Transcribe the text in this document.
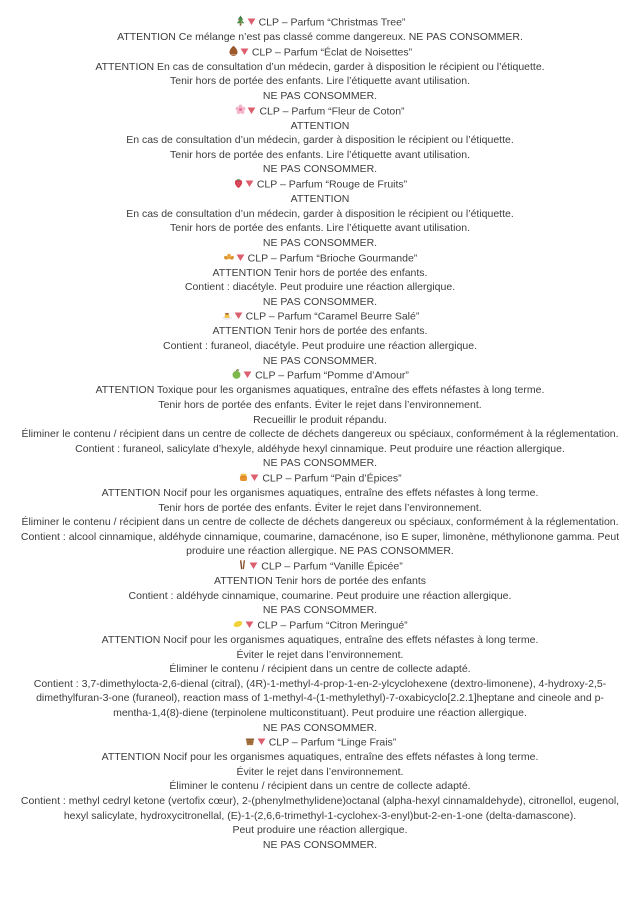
CLP – Parfum “Christmas Tree”
ATTENTION Ce mélange n’est pas classé comme dangereux. NE PAS CONSOMMER.
CLP – Parfum “Éclat de Noisettes”
ATTENTION En cas de consultation d’un médecin, garder à disposition le récipient ou l’étiquette.
Tenir hors de portée des enfants. Lire l’étiquette avant utilisation.
NE PAS CONSOMMER.
CLP – Parfum “Fleur de Coton”
ATTENTION
En cas de consultation d’un médecin, garder à disposition le récipient ou l’étiquette.
Tenir hors de portée des enfants. Lire l’étiquette avant utilisation.
NE PAS CONSOMMER.
CLP – Parfum “Rouge de Fruits”
ATTENTION
En cas de consultation d’un médecin, garder à disposition le récipient ou l’étiquette.
Tenir hors de portée des enfants. Lire l’étiquette avant utilisation.
NE PAS CONSOMMER.
CLP – Parfum “Brioche Gourmande”
ATTENTION Tenir hors de portée des enfants.
Contient : diacétyle. Peut produire une réaction allergique.
NE PAS CONSOMMER.
CLP – Parfum “Caramel Beurre Salé”
ATTENTION Tenir hors de portée des enfants.
Contient : furaneol, diacétyle. Peut produire une réaction allergique.
NE PAS CONSOMMER.
CLP – Parfum “Pomme d’Amour”
ATTENTION Toxique pour les organismes aquatiques, entraîne des effets néfastes à long terme.
Tenir hors de portée des enfants. Éviter le rejet dans l’environnement.
Recueillir le produit répandu.
Éliminer le contenu / récipient dans un centre de collecte de déchets dangereux ou spéciaux, conformément à la réglementation.
Contient : furaneol, salicylate d’hexyle, aldéhyde hexyl cinnamique. Peut produire une réaction allergique.
NE PAS CONSOMMER.
CLP – Parfum “Pain d’Épices”
ATTENTION Nocif pour les organismes aquatiques, entraîne des effets néfastes à long terme.
Tenir hors de portée des enfants. Éviter le rejet dans l’environnement.
Éliminer le contenu / récipient dans un centre de collecte de déchets dangereux ou spéciaux, conformément à la réglementation.
Contient : alcool cinnamique, aldéhyde cinnamique, coumarine, damacénone, iso E super, limonène, méthylionone gamma. Peut produire une réaction allergique. NE PAS CONSOMMER.
CLP – Parfum “Vanille Épicée”
ATTENTION Tenir hors de portée des enfants
Contient : aldéhyde cinnamique, coumarine. Peut produire une réaction allergique.
NE PAS CONSOMMER.
CLP – Parfum “Citron Meringué”
ATTENTION Nocif pour les organismes aquatiques, entraîne des effets néfastes à long terme.
Éviter le rejet dans l’environnement.
Éliminer le contenu / récipient dans un centre de collecte adapté.
Contient : 3,7-dimethylocta-2,6-dienal (citral), (4R)-1-methyl-4-prop-1-en-2-ylcyclohexene (dextro-limonene), 4-hydroxy-2,5-dimethylfuran-3-one (furaneol), reaction mass of 1-methyl-4-(1-methylethyl)-7-oxabicyclo[2.2.1]heptane and cineole and p-mentha-1,4(8)-diene (terpinolene multiconstituant). Peut produire une réaction allergique.
NE PAS CONSOMMER.
CLP – Parfum “Linge Frais”
ATTENTION Nocif pour les organismes aquatiques, entraîne des effets néfastes à long terme.
Éviter le rejet dans l’environnement.
Éliminer le contenu / récipient dans un centre de collecte adapté.
Contient : methyl cedryl ketone (vertofix cœur), 2-(phenylmethylidene)octanal (alpha-hexyl cinnamaldehyde), citronellol, eugenol, hexyl salicylate, hydroxycitronellal, (E)-1-(2,6,6-trimethyl-1-cyclohex-3-enyl)but-2-en-1-one (delta-damascone).
Peut produire une réaction allergique.
NE PAS CONSOMMER.
